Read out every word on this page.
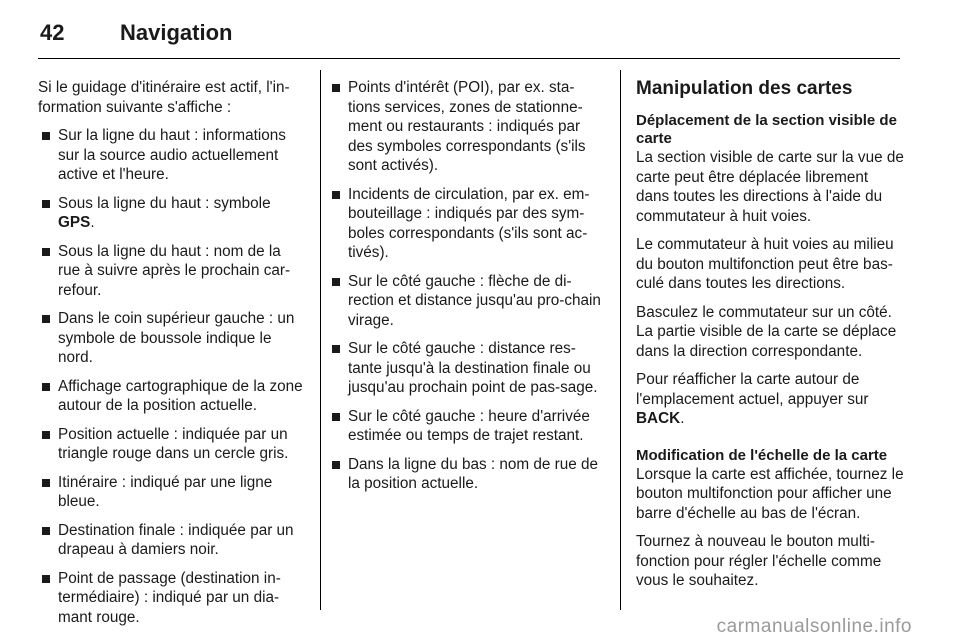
42	Navigation

Si le guidage d'itinéraire est actif, l'in-formation suivante s'affiche :

Sur la ligne du haut : informations sur la source audio actuellement active et l'heure.
Sous la ligne du haut : symbole GPS.
Sous la ligne du haut : nom de la rue à suivre après le prochain car-refour.
Dans le coin supérieur gauche : un symbole de boussole indique le nord.
Affichage cartographique de la zone autour de la position actuelle.
Position actuelle : indiquée par un triangle rouge dans un cercle gris.
Itinéraire : indiqué par une ligne bleue.
Destination finale : indiquée par un drapeau à damiers noir.
Point de passage (destination in-termédiaire) : indiqué par un dia-mant rouge.
Points d'intérêt (POI), par ex. sta-tions services, zones de stationne-ment ou restaurants : indiqués par des symboles correspondants (s'ils sont activés).
Incidents de circulation, par ex. em-bouteillage : indiqués par des sym-boles correspondants (s'ils sont ac-tivés).
Sur le côté gauche : flèche de di-rection et distance jusqu'au pro-chain virage.
Sur le côté gauche : distance res-tante jusqu'à la destination finale ou jusqu'au prochain point de pas-sage.
Sur le côté gauche : heure d'arrivée estimée ou temps de trajet restant.
Dans la ligne du bas : nom de rue de la position actuelle.
Manipulation des cartes
Déplacement de la section visible de carte

La section visible de carte sur la vue de carte peut être déplacée librement dans toutes les directions à l'aide du commutateur à huit voies.

Le commutateur à huit voies au milieu du bouton multifonction peut être bas-culé dans toutes les directions.

Basculez le commutateur sur un côté. La partie visible de la carte se déplace dans la direction correspondante.

Pour réafficher la carte autour de l'emplacement actuel, appuyer sur BACK.

Modification de l'échelle de la carte

Lorsque la carte est affichée, tournez le bouton multifonction pour afficher une barre d'échelle au bas de l'écran.

Tournez à nouveau le bouton multi-fonction pour régler l'échelle comme vous le souhaitez.

carmanualsonline.info
